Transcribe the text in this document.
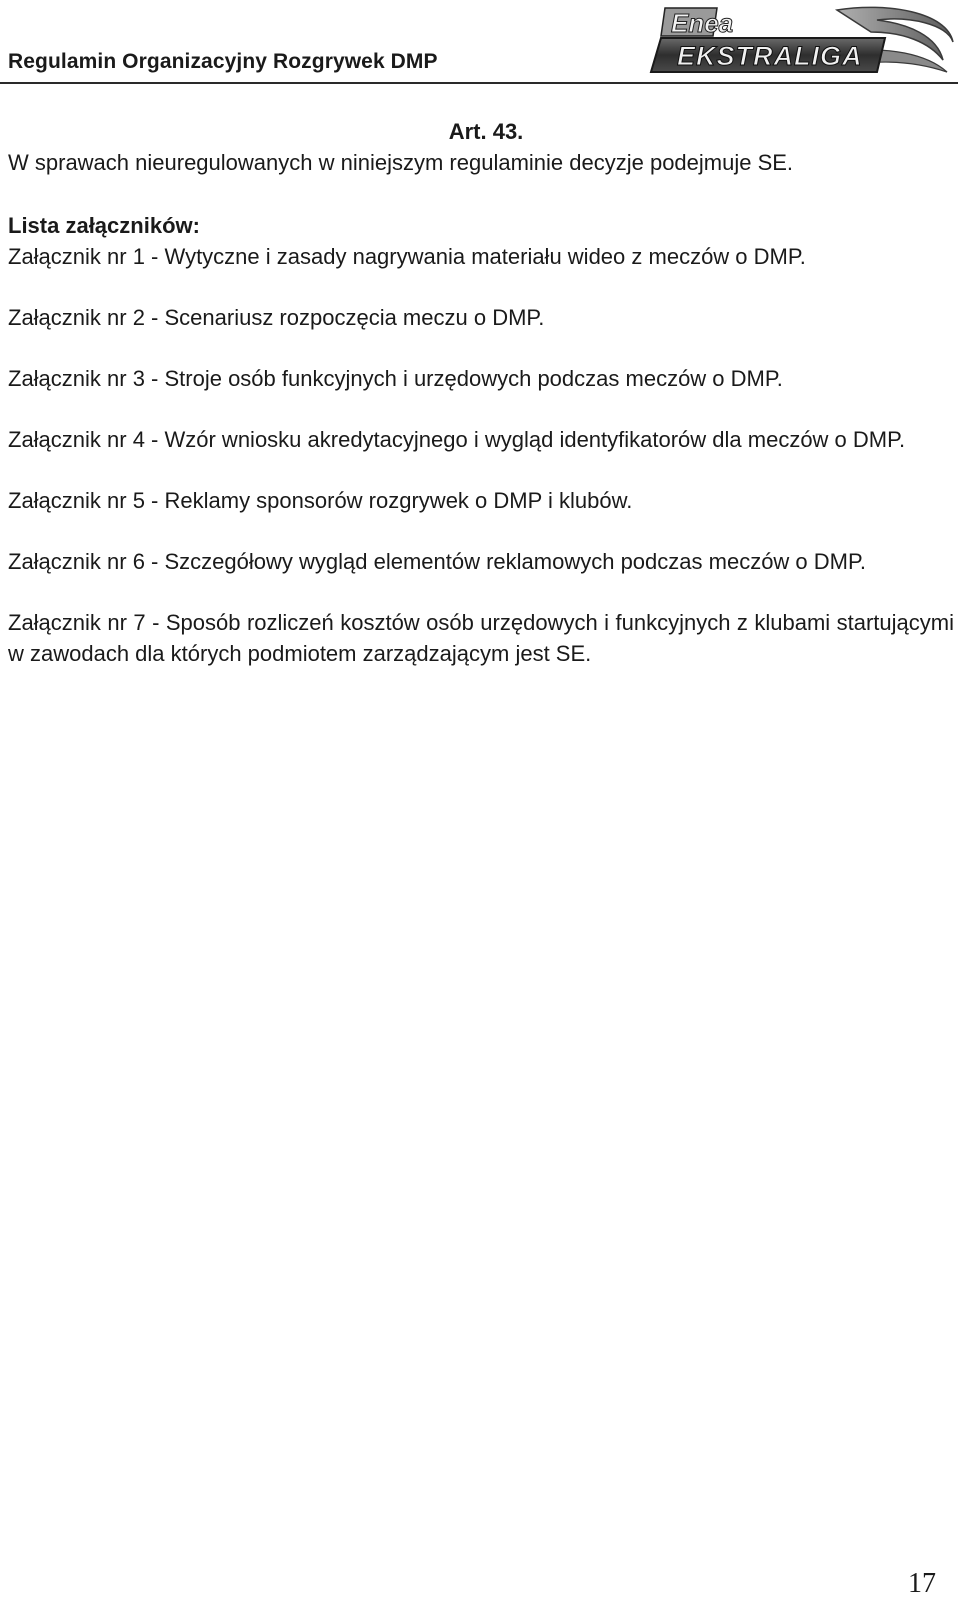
Regulamin Organizacyjny Rozgrywek DMP
Enea
EKSTRALIGA
Art. 43.

W sprawach nieuregulowanych w niniejszym regulaminie decyzje podejmuje SE.

Lista załączników:

Załącznik nr 1 - Wytyczne i zasady nagrywania materiału wideo z meczów o DMP.

Załącznik nr 2 - Scenariusz rozpoczęcia meczu o DMP.

Załącznik nr 3 - Stroje osób funkcyjnych i urzędowych podczas meczów o DMP.

Załącznik nr 4 - Wzór wniosku akredytacyjnego i wygląd identyfikatorów dla meczów o DMP.

Załącznik nr 5 - Reklamy sponsorów rozgrywek o DMP i klubów.

Załącznik nr 6 - Szczegółowy wygląd elementów reklamowych podczas meczów o DMP.

Załącznik nr 7 - Sposób rozliczeń kosztów osób urzędowych i funkcyjnych z klubami startującymi w zawodach dla których podmiotem zarządzającym jest SE.

17
